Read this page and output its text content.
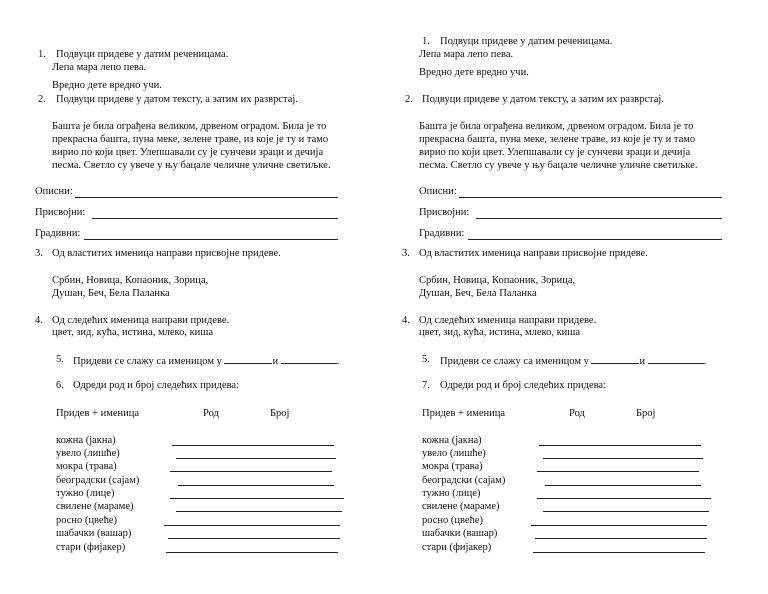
1. Подвуци придеве у датим реченицама.
Лепа мара лепо пева.
Вредно дете вредно учи.
2. Подвуци придеве у датом тексту, а затим их разврстај.
Башта је била ограђена великом, дрвеном оградом. Била је то
прекрасна башта, пуна меке, зелене траве, из које је ту и тамо
вирио по који цвет. Улепшавали су је сунчеви зраци и дечија
песма. Светло су увече у њу бацале челичне уличне светиљке.
Описни:
Присвојни:
Градивни:
3. Од властитих именица направи присвојне придеве.
Србин, Новица, Копаоник, Зорица,
Душан, Беч, Бела Паланка
4. Од следећих именица направи придеве.
цвет, зид, кућа, истина, млеко, киша
5. Придеви се слажу са именицом у	и	.
6. Одреди род и број следећих придева:
Придев + именица	Род	Број
кожна (јакна)
увело (лишће)
мокра (трава)
београдски (сајам)
тужно (лице)
свилене (мараме)
росно (цвеће)
шабачки (вашар)
стари (фијакер)
1. Подвуци придеве у датим реченицама.
Лепа мара лепо пева.
Вредно дете вредно учи.
2. Подвуци придеве у датом тексту, а затим их разврстај.
Башта је била ограђена великом, дрвеном оградом. Била је то
прекрасна башта, пуна меке, зелене траве, из које је ту и тамо
вирио по који цвет. Улепшавали су је сунчеви зраци и дечија
песма. Светло су увече у њу бацале челичне уличне светиљке.
Описни:
Присвојни:
Градивни:
3. Од властитих именица направи присвојне придеве.
Србин, Новица, Копаоник, Зорица,
Душан, Беч, Бела Паланка
4. Од следећих именица направи придеве.
цвет, зид, кућа, истина, млеко, киша
5. Придеви се слажу са именицом у	и	.
7. Одреди род и број следећих придева:
Придев + именица	Род	Број
кожна (јакна)
увело (лишће)
мокра (трава)
београдски (сајам)
тужно (лице)
свилене (мараме)
росно (цвеће)
шабачки (вашар)
стари (фијакер)
